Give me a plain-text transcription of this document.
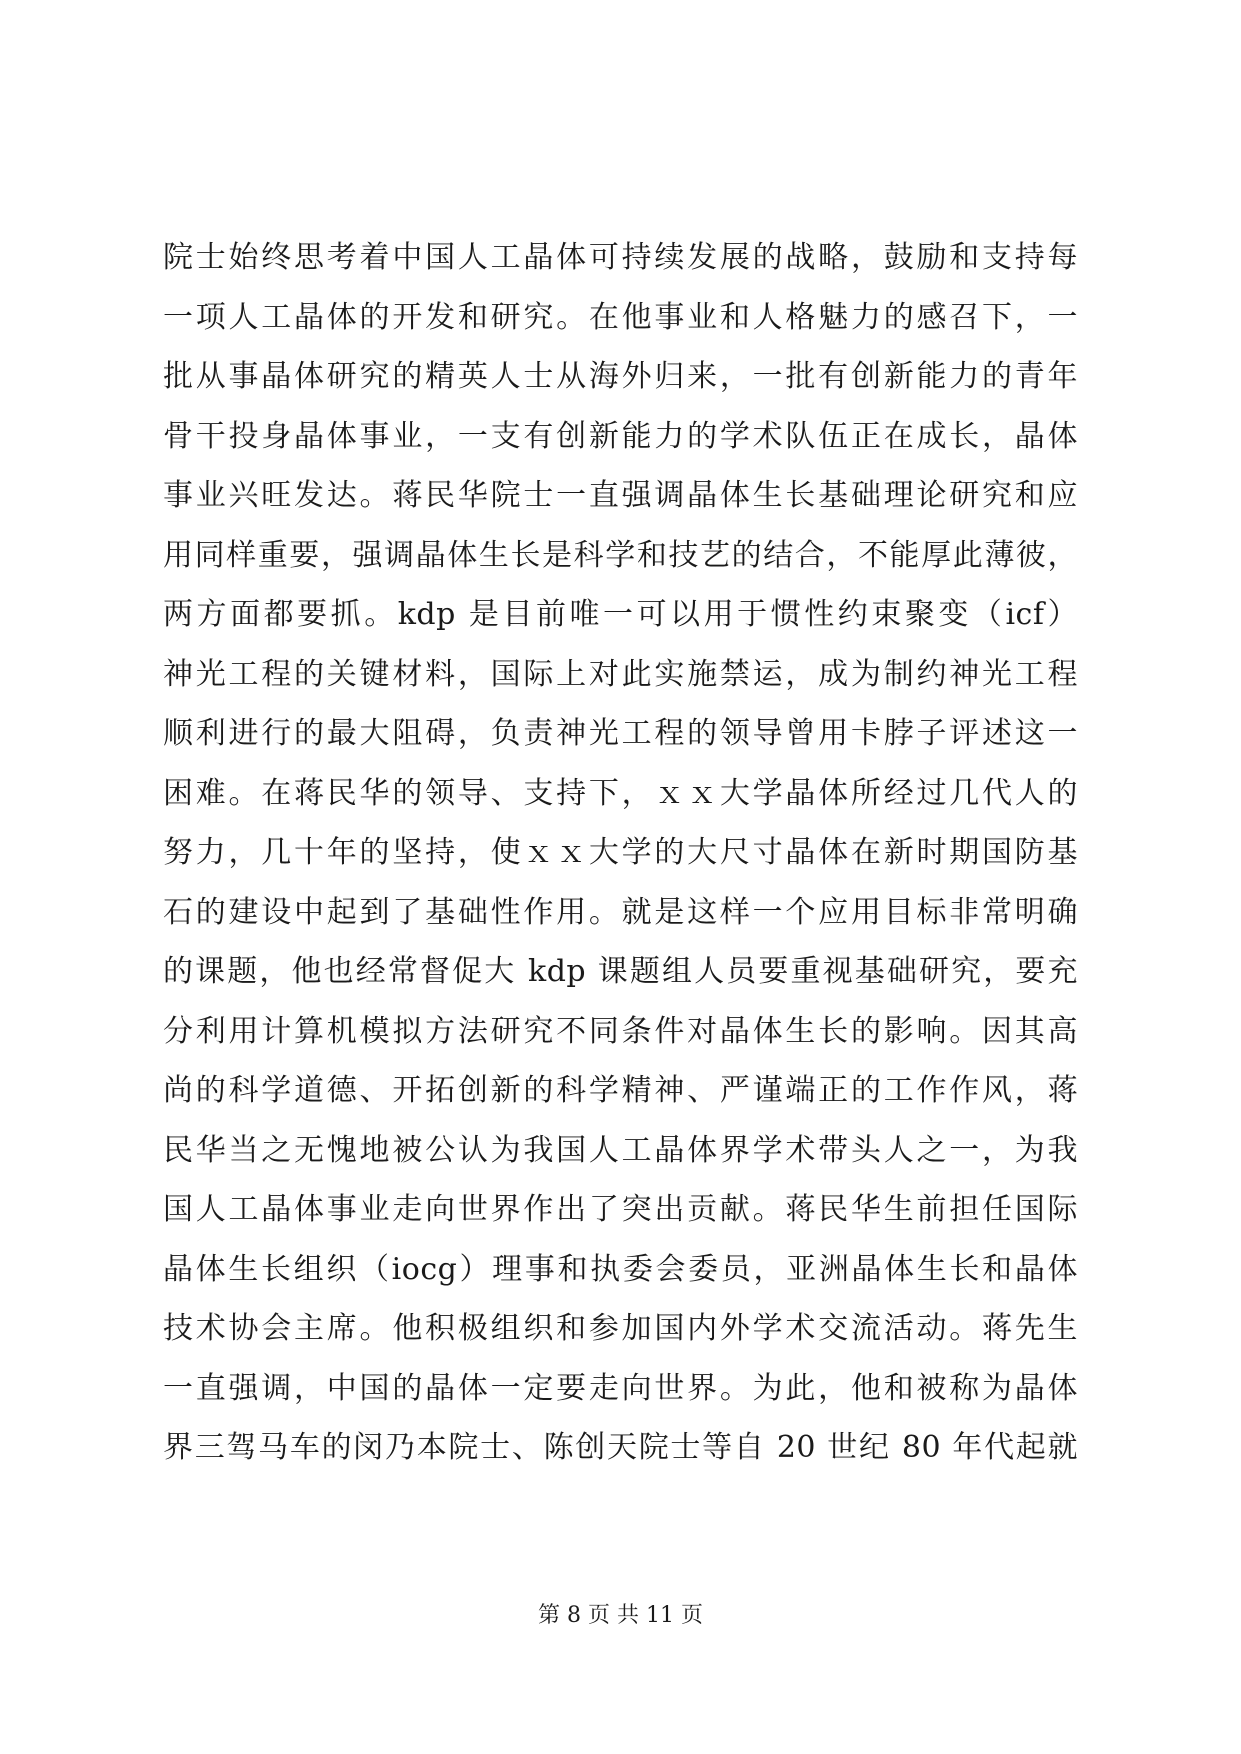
院士始终思考着中国人工晶体可持续发展的战略，鼓励和支持每
一项人工晶体的开发和研究。在他事业和人格魅力的感召下，一
批从事晶体研究的精英人士从海外归来，一批有创新能力的青年
骨干投身晶体事业，一支有创新能力的学术队伍正在成长，晶体
事业兴旺发达。蒋民华院士一直强调晶体生长基础理论研究和应
用同样重要，强调晶体生长是科学和技艺的结合，不能厚此薄彼，
两方面都要抓。kdp 是目前唯一可以用于惯性约束聚变（icf）
神光工程的关键材料，国际上对此实施禁运，成为制约神光工程
顺利进行的最大阻碍，负责神光工程的领导曾用卡脖子评述这一
困难。在蒋民华的领导、支持下，ｘｘ大学晶体所经过几代人的
努力，几十年的坚持，使ｘｘ大学的大尺寸晶体在新时期国防基
石的建设中起到了基础性作用。就是这样一个应用目标非常明确
的课题，他也经常督促大 kdp 课题组人员要重视基础研究，要充
分利用计算机模拟方法研究不同条件对晶体生长的影响。因其高
尚的科学道德、开拓创新的科学精神、严谨端正的工作作风，蒋
民华当之无愧地被公认为我国人工晶体界学术带头人之一，为我
国人工晶体事业走向世界作出了突出贡献。蒋民华生前担任国际
晶体生长组织（iocg）理事和执委会委员，亚洲晶体生长和晶体
技术协会主席。他积极组织和参加国内外学术交流活动。蒋先生
一直强调，中国的晶体一定要走向世界。为此，他和被称为晶体
界三驾马车的闵乃本院士、陈创天院士等自 20 世纪 80 年代起就
第 8 页 共 11 页
